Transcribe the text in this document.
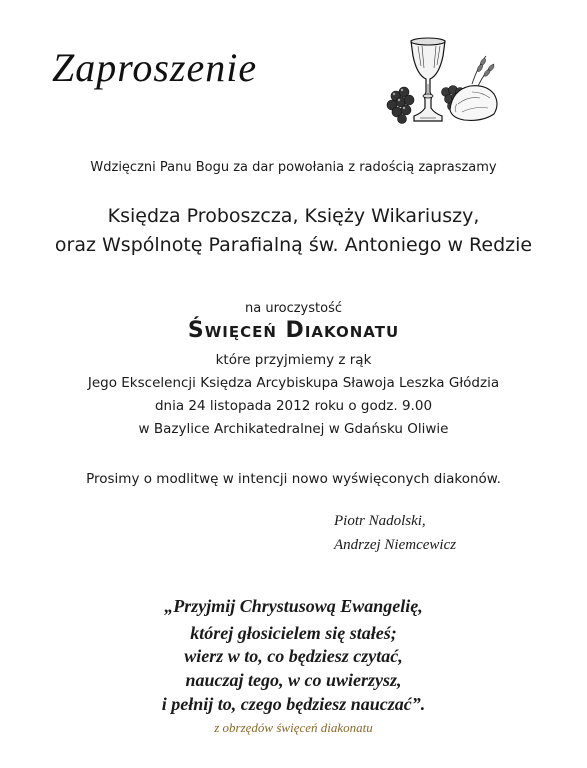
Zaproszenie
Wdzięczni Panu Bogu za dar powołania z radością zapraszamy
Księdza Proboszcza, Księży Wikariuszy,
oraz Wspólnotę Parafialną św. Antoniego w Redzie
na uroczystość
Święceń Diakonatu
które przyjmiemy z rąk
Jego Ekscelencji Księdza Arcybiskupa Sławoja Leszka Głódzia
dnia 24 listopada 2012 roku o godz. 9.00
w Bazylice Archikatedralnej w Gdańsku Oliwie
Prosimy o modlitwę w intencji nowo wyświęconych diakonów.
Piotr Nadolski,
Andrzej Niemcewicz
„Przyjmij Chrystusową Ewangelię,
której głosicielem się stałeś;
wierz w to, co będziesz czytać,
nauczaj tego, w co uwierzysz,
i pełnij to, czego będziesz nauczać”.
z obrzędów święceń diakonatu
